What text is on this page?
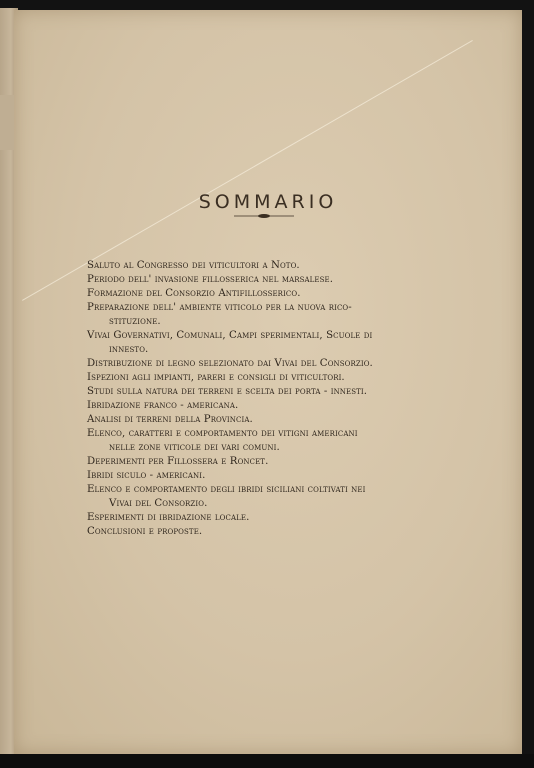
SOMMARIO
Saluto al Congresso dei viticultori a Noto.
Periodo dell' invasione fillosserica nel marsalese.
Formazione del Consorzio Antifillosserico.
Preparazione dell' ambiente viticolo per la nuova rico-
stituzione.
Vivai Governativi, Comunali, Campi sperimentali, Scuole di
innesto.
Distribuzione di legno selezionato dai Vivai del Consorzio.
Ispezioni agli impianti, pareri e consigli di viticultori.
Studi sulla natura dei terreni e scelta dei porta - innesti.
Ibridazione franco - americana.
Analisi di terreni della Provincia.
Elenco, caratteri e comportamento dei vitigni americani
nelle zone viticole dei vari comuni.
Deperimenti per Fillossera e Roncet.
Ibridi siculo - americani.
Elenco e comportamento degli ibridi siciliani coltivati nei
Vivai del Consorzio.
Esperimenti di ibridazione locale.
Conclusioni e proposte.
